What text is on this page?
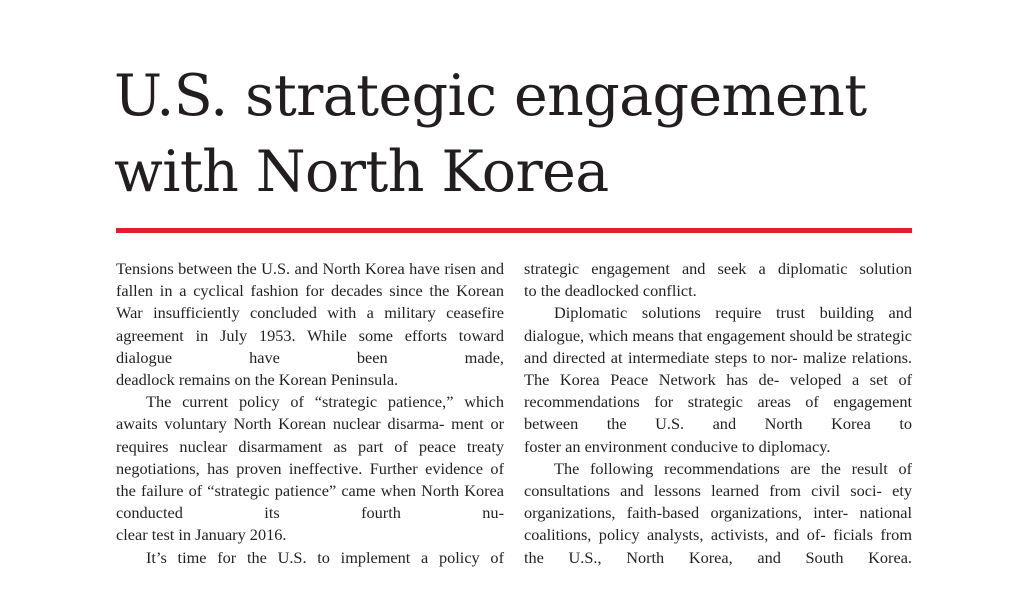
U.S. strategic engagement
with North Korea

Tensions between the U.S. and North Korea have risen and fallen in a cyclical fashion for decades since the Korean War insufficiently concluded with a military ceasefire agreement in July 1953. While some efforts toward dialogue have been made,

deadlock remains on the Korean Peninsula.

The current policy of “strategic patience,” which awaits voluntary North Korean nuclear disarma- ment or requires nuclear disarmament as part of peace treaty negotiations, has proven ineffective. Further evidence of the failure of “strategic patience” came when North Korea conducted its fourth nu-

clear test in January 2016.

It’s time for the U.S. to implement a policy of

strategic engagement and seek a diplomatic solution

to the deadlocked conflict.

Diplomatic solutions require trust building and dialogue, which means that engagement should be strategic and directed at intermediate steps to nor- malize relations. The Korea Peace Network has de- veloped a set of recommendations for strategic areas of engagement between the U.S. and North Korea to

foster an environment conducive to diplomacy.

The following recommendations are the result of consultations and lessons learned from civil soci- ety organizations, faith-based organizations, inter- national coalitions, policy analysts, activists, and of- ficials from the U.S., North Korea, and South Korea.
